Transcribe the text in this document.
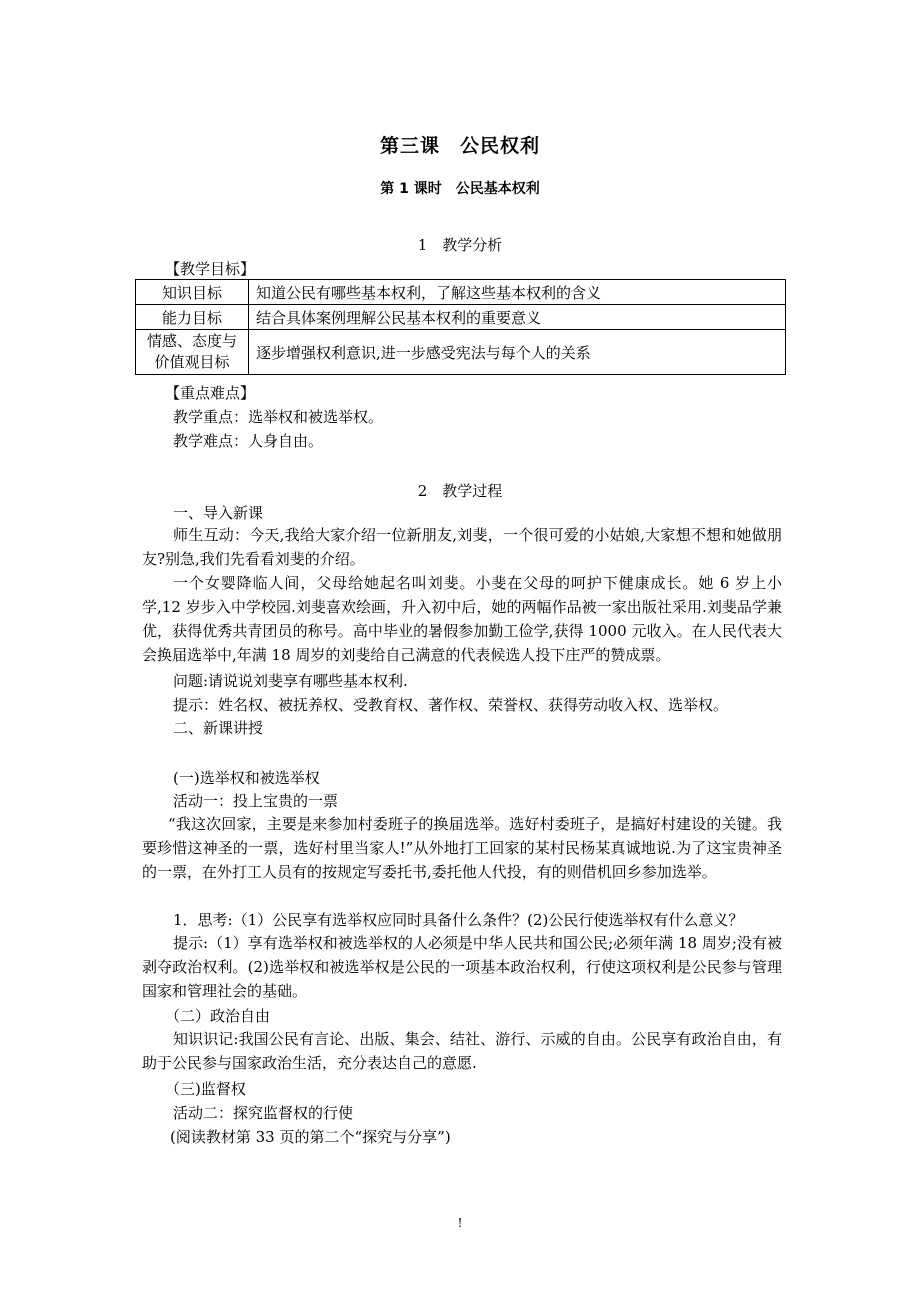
第三课　公民权利
第 1 课时　公民基本权利
1　教学分析
【教学目标】
知识目标	知道公民有哪些基本权利，了解这些基本权利的含义
能力目标	结合具体案例理解公民基本权利的重要意义

情感、态度与
价值观目标	逐步增强权利意识,进一步感受宪法与每个人的关系
【重点难点】
教学重点：选举权和被选举权。
教学难点：人身自由。
2　教学过程
一、导入新课
师生互动：今天,我给大家介绍一位新朋友,刘斐，一个很可爱的小姑娘,大家想不想和她做朋友?别急,我们先看看刘斐的介绍。
一个女婴降临人间，父母给她起名叫刘斐。小斐在父母的呵护下健康成长。她 6 岁上小学,12 岁步入中学校园.刘斐喜欢绘画，升入初中后，她的两幅作品被一家出版社采用.刘斐品学兼优，获得优秀共青团员的称号。高中毕业的暑假参加勤工俭学,获得 1000 元收入。在人民代表大会换届选举中,年满 18 周岁的刘斐给自己满意的代表候选人投下庄严的赞成票。
问题:请说说刘斐享有哪些基本权利.
提示：姓名权、被抚养权、受教育权、著作权、荣誉权、获得劳动收入权、选举权。
二、新课讲授
(一)选举权和被选举权
活动一：投上宝贵的一票
“我这次回家，主要是来参加村委班子的换届选举。选好村委班子，是搞好村建设的关键。我要珍惜这神圣的一票，选好村里当家人!”从外地打工回家的某村民杨某真诚地说.为了这宝贵神圣的一票，在外打工人员有的按规定写委托书,委托他人代投，有的则借机回乡参加选举。
1．思考:（1）公民享有选举权应同时具备什么条件？(2)公民行使选举权有什么意义？
提示:（1）享有选举权和被选举权的人必须是中华人民共和国公民;必须年满 18 周岁;没有被剥夺政治权利。(2)选举权和被选举权是公民的一项基本政治权利，行使这项权利是公民参与管理国家和管理社会的基础。
（二）政治自由
知识识记:我国公民有言论、出版、集会、结社、游行、示威的自由。公民享有政治自由，有助于公民参与国家政治生活，充分表达自己的意愿.
（三)监督权
活动二：探究监督权的行使
(阅读教材第 33 页的第二个“探究与分享”)
!
